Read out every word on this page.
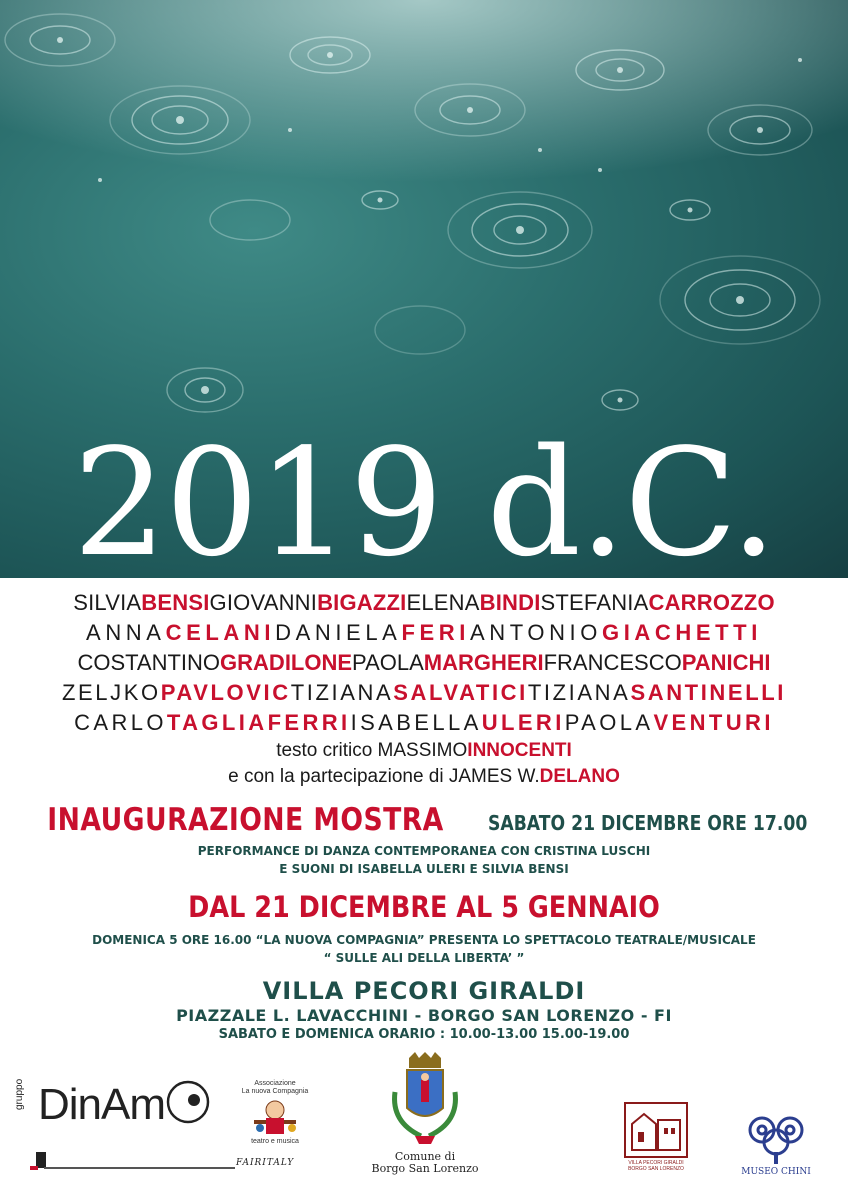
2019 d.C.
SILVIABENSIGIOVANNIBIGAZZIELENABINDISTEFANIACARROZZO
ANNACELANIDANIELAFERIANTONIOGIACHETTI
COSTANTINOGRADILONEPAOLAMARGHERIFRANCESCOPANICHI
ZELJKOPAVLOVICTIZIANASALVATICITIZIANASANTINELLI
CARLOTAGLIAFERRIISABELLAULERIPAOLAVENTURI
testo critico MASSIMOINNOCENTI
e con la partecipazione di JAMES W.DELANO
INAUGURAZIONE MOSTRA SABATO 21 DICEMBRE ORE 17.00
PERFORMANCE DI DANZA CONTEMPORANEA CON CRISTINA LUSCHI
E SUONI DI ISABELLA ULERI E SILVIA BENSI
DAL 21 DICEMBRE AL 5 GENNAIO
DOMENICA 5 ORE 16.00 “LA NUOVA COMPAGNIA” PRESENTA LO SPETTACOLO TEATRALE/MUSICALE
“ SULLE ALI DELLA LIBERTA’ ”
VILLA PECORI GIRALDI
PIAZZALE L. LAVACCHINI - BORGO SAN LORENZO - FI
SABATO E DOMENICA ORARIO : 10.00-13.00 15.00-19.00
gruppo DinAm	Associazione
La nuova Compagnia
teatro e musica
FAIRITALY	Comune di
Borgo San Lorenzo	VILLA PECORI GIRALDI
BORGO SAN LORENZO	MUSEO CHINI
